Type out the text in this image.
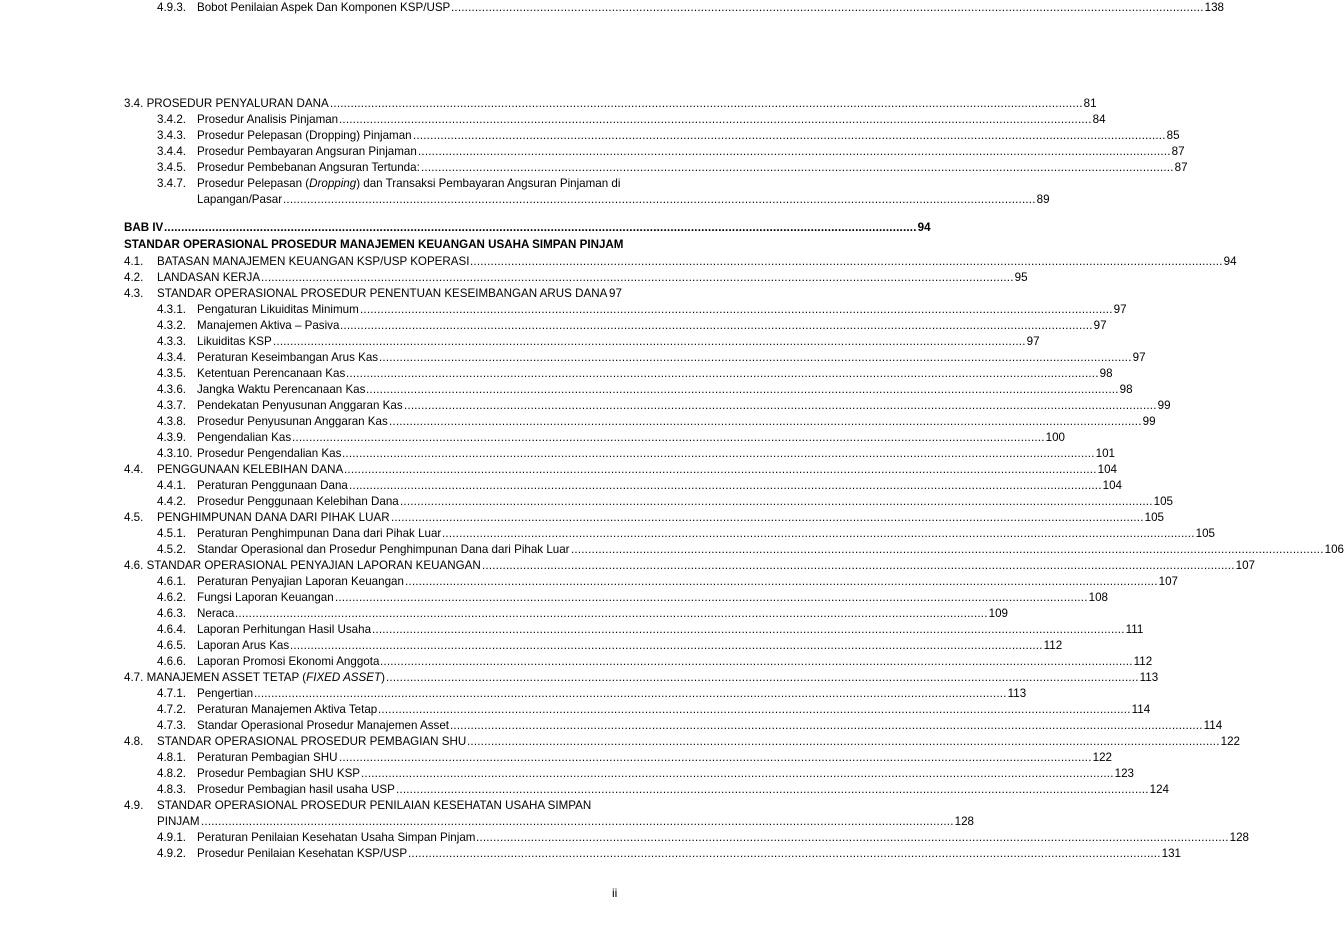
3.4. PROSEDUR PENYALURAN DANA ............................................................................................................................................................................................................................ 81
3.4.2. Prosedur Analisis Pinjaman ............................................................................................................................................................................................................................ 84
3.4.3. Prosedur Pelepasan (Dropping) Pinjaman ............................................................................................................................................................................................................................ 85
3.4.4. Prosedur Pembayaran Angsuran Pinjaman ............................................................................................................................................................................................................................ 87
3.4.5. Prosedur Pembebanan Angsuran Tertunda: ............................................................................................................................................................................................................................ 87
3.4.7. Prosedur Pelepasan (Dropping) dan Transaksi Pembayaran Angsuran Pinjaman di
Lapangan/Pasar ............................................................................................................................................................................................................................ 89
BAB IV ............................................................................................................................................................................................................................ 94
STANDAR OPERASIONAL PROSEDUR MANAJEMEN KEUANGAN USAHA SIMPAN PINJAM
4.1. BATASAN MANAJEMEN KEUANGAN KSP/USP KOPERASI ............................................................................................................................................................................................................................ 94
4.2. LANDASAN KERJA ............................................................................................................................................................................................................................ 95
4.3. STANDAR OPERASIONAL PROSEDUR PENENTUAN KESEIMBANGAN ARUS DANA 97
4.3.1. Pengaturan Likuiditas Minimum ............................................................................................................................................................................................................................ 97
4.3.2. Manajemen Aktiva – Pasiva ............................................................................................................................................................................................................................ 97
4.3.3. Likuiditas KSP ............................................................................................................................................................................................................................ 97
4.3.4. Peraturan Keseimbangan Arus Kas ............................................................................................................................................................................................................................ 97
4.3.5. Ketentuan Perencanaan Kas ............................................................................................................................................................................................................................ 98
4.3.6. Jangka Waktu Perencanaan Kas ............................................................................................................................................................................................................................ 98
4.3.7. Pendekatan Penyusunan Anggaran Kas ............................................................................................................................................................................................................................ 99
4.3.8. Prosedur Penyusunan Anggaran Kas ............................................................................................................................................................................................................................ 99
4.3.9. Pengendalian Kas ............................................................................................................................................................................................................................ 100
4.3.10. Prosedur Pengendalian Kas ............................................................................................................................................................................................................................ 101
4.4. PENGGUNAAN KELEBIHAN DANA ............................................................................................................................................................................................................................ 104
4.4.1. Peraturan Penggunaan Dana ............................................................................................................................................................................................................................ 104
4.4.2. Prosedur Penggunaan Kelebihan Dana ............................................................................................................................................................................................................................ 105
4.5. PENGHIMPUNAN DANA DARI PIHAK LUAR ............................................................................................................................................................................................................................ 105
4.5.1. Peraturan Penghimpunan Dana dari Pihak Luar ............................................................................................................................................................................................................................ 105
4.5.2. Standar Operasional dan Prosedur Penghimpunan Dana dari Pihak Luar ............................................................................................................................................................................................................................ 106
4.6. STANDAR OPERASIONAL PENYAJIAN LAPORAN KEUANGAN ............................................................................................................................................................................................................................ 107
4.6.1. Peraturan Penyajian Laporan Keuangan ............................................................................................................................................................................................................................ 107
4.6.2. Fungsi Laporan Keuangan ............................................................................................................................................................................................................................ 108
4.6.3. Neraca ............................................................................................................................................................................................................................ 109
4.6.4. Laporan Perhitungan Hasil Usaha ............................................................................................................................................................................................................................ 111
4.6.5. Laporan Arus Kas ............................................................................................................................................................................................................................ 112
4.6.6. Laporan Promosi Ekonomi Anggota ............................................................................................................................................................................................................................ 112
4.7. MANAJEMEN ASSET TETAP (FIXED ASSET) ............................................................................................................................................................................................................................ 113
4.7.1. Pengertian ............................................................................................................................................................................................................................ 113
4.7.2. Peraturan Manajemen Aktiva Tetap ............................................................................................................................................................................................................................ 114
4.7.3. Standar Operasional Prosedur Manajemen Asset ............................................................................................................................................................................................................................ 114
4.8. STANDAR OPERASIONAL PROSEDUR PEMBAGIAN SHU ............................................................................................................................................................................................................................ 122
4.8.1. Peraturan Pembagian SHU ............................................................................................................................................................................................................................ 122
4.8.2. Prosedur Pembagian SHU KSP ............................................................................................................................................................................................................................ 123
4.8.3. Prosedur Pembagian hasil usaha USP ............................................................................................................................................................................................................................ 124
4.9. STANDAR OPERASIONAL PROSEDUR PENILAIAN KESEHATAN USAHA SIMPAN
PINJAM ............................................................................................................................................................................................................................ 128
4.9.1. Peraturan Penilaian Kesehatan Usaha Simpan Pinjam ............................................................................................................................................................................................................................ 128
4.9.2. Prosedur Penilaian Kesehatan KSP/USP ............................................................................................................................................................................................................................ 131
4.9.3. Bobot Penilaian Aspek Dan Komponen KSP/USP ............................................................................................................................................................................................................................ 138
ii
